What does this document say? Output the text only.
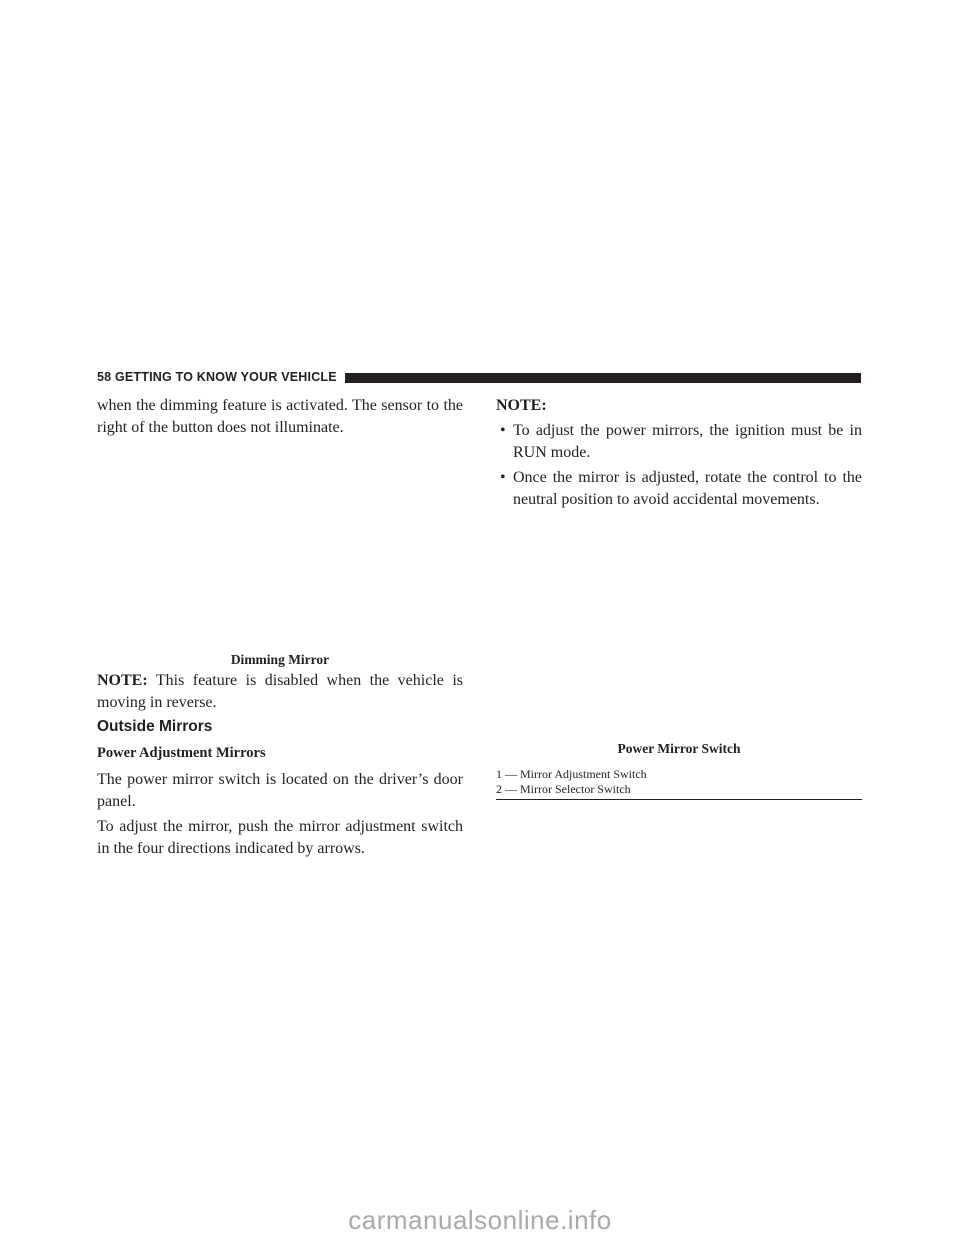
58 GETTING TO KNOW YOUR VEHICLE

when the dimming feature is activated. The sensor to the right of the button does not illuminate.

Dimming Mirror

NOTE: This feature is disabled when the vehicle is moving in reverse.

Outside Mirrors
Power Adjustment Mirrors

The power mirror switch is located on the driver’s door panel.

To adjust the mirror, push the mirror adjustment switch in the four directions indicated by arrows.

NOTE:
• To adjust the power mirrors, the ignition must be in RUN mode.
• Once the mirror is adjusted, rotate the control to the neutral position to avoid accidental movements.
Power Mirror Switch
1 — Mirror Adjustment Switch
2 — Mirror Selector Switch
carmanualsonline.info
